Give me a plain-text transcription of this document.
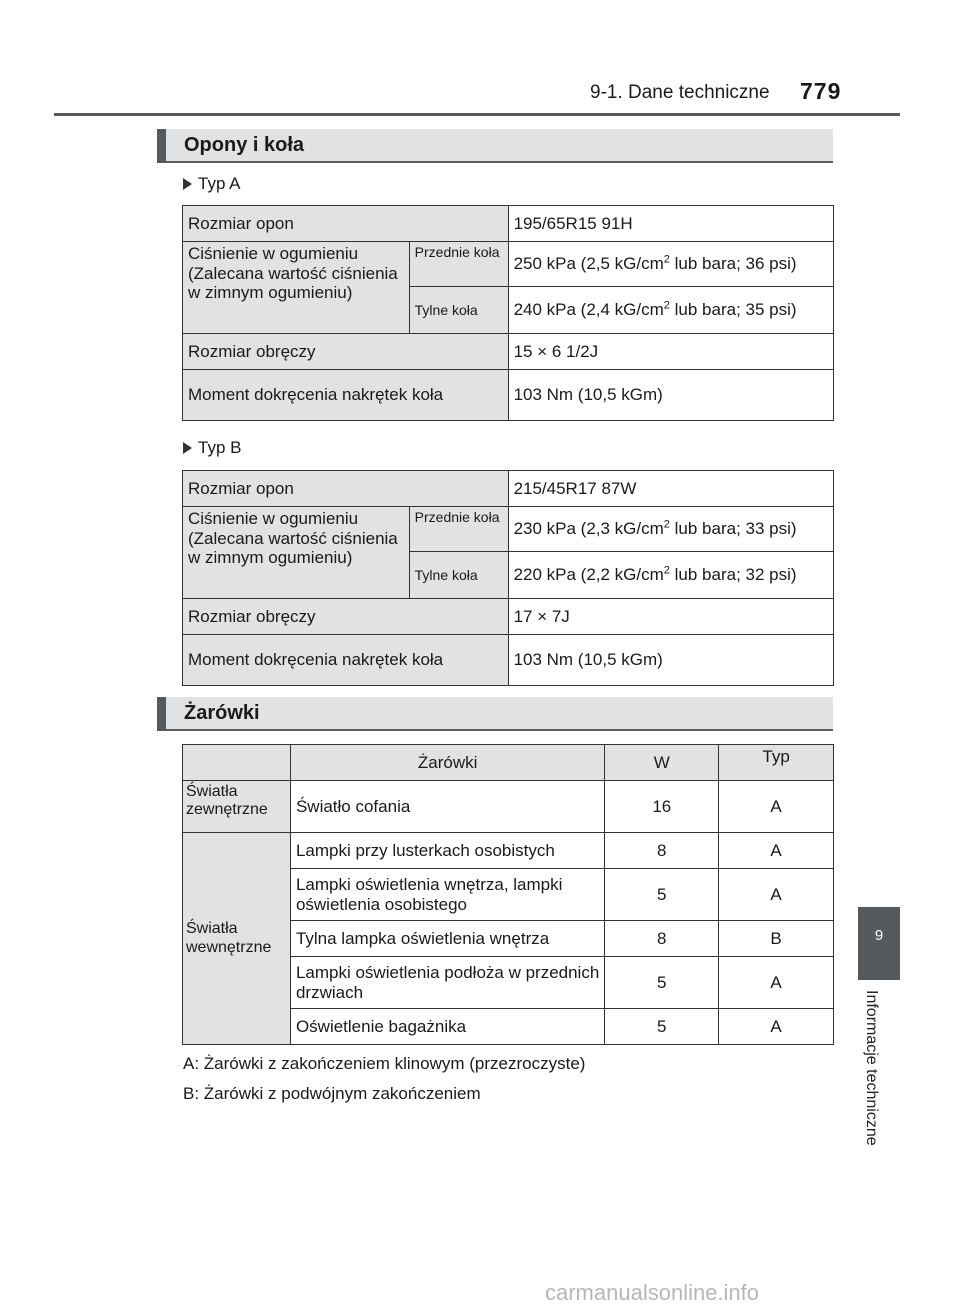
9-1. Dane techniczne 779
Opony i koła
Typ A
Rozmiar opon		195/65R15 91H
Ciśnienie w ogumieniu (Zalecana wartość ciśnienia w zimnym ogumieniu)	Przednie koła	250 kPa (2,5 $kG/cm^2$ lub bara; 36 psi)
	Tylne koła	240 kPa (2,4 $kG/cm^2$ lub bara; 35 psi)
Rozmiar obręczy		15 × 6 1/2J
Moment dokręcenia nakrętek koła		103 Nm (10,5 kGm)
Typ B
Rozmiar opon		215/45R17 87W
Ciśnienie w ogumieniu (Zalecana wartość ciśnienia w zimnym ogumieniu)	Przednie koła	230 kPa (2,3 $kG/cm^2$ lub bara; 33 psi)
	Tylne koła	220 kPa (2,2 $kG/cm^2$ lub bara; 32 psi)
Rozmiar obręczy		17 × 7J
Moment dokręcenia nakrętek koła		103 Nm (10,5 kGm)
Żarówki
	Żarówki	W	Typ
Światła zewnętrzne	Światło cofania	16	A
Światła wewnętrzne	Lampki przy lusterkach osobistych	8	A
	Lampki oświetlenia wnętrza, lampki oświetlenia osobistego	5	A
	Tylna lampka oświetlenia wnętrza	8	B
	Lampki oświetlenia podłoża w przednich drzwiach	5	A
	Oświetlenie bagażnika	5	A
A: Żarówki z zakończeniem klinowym (przezroczyste)
B: Żarówki z podwójnym zakończeniem
9
Informacje techniczne
carmanualsonline.info
